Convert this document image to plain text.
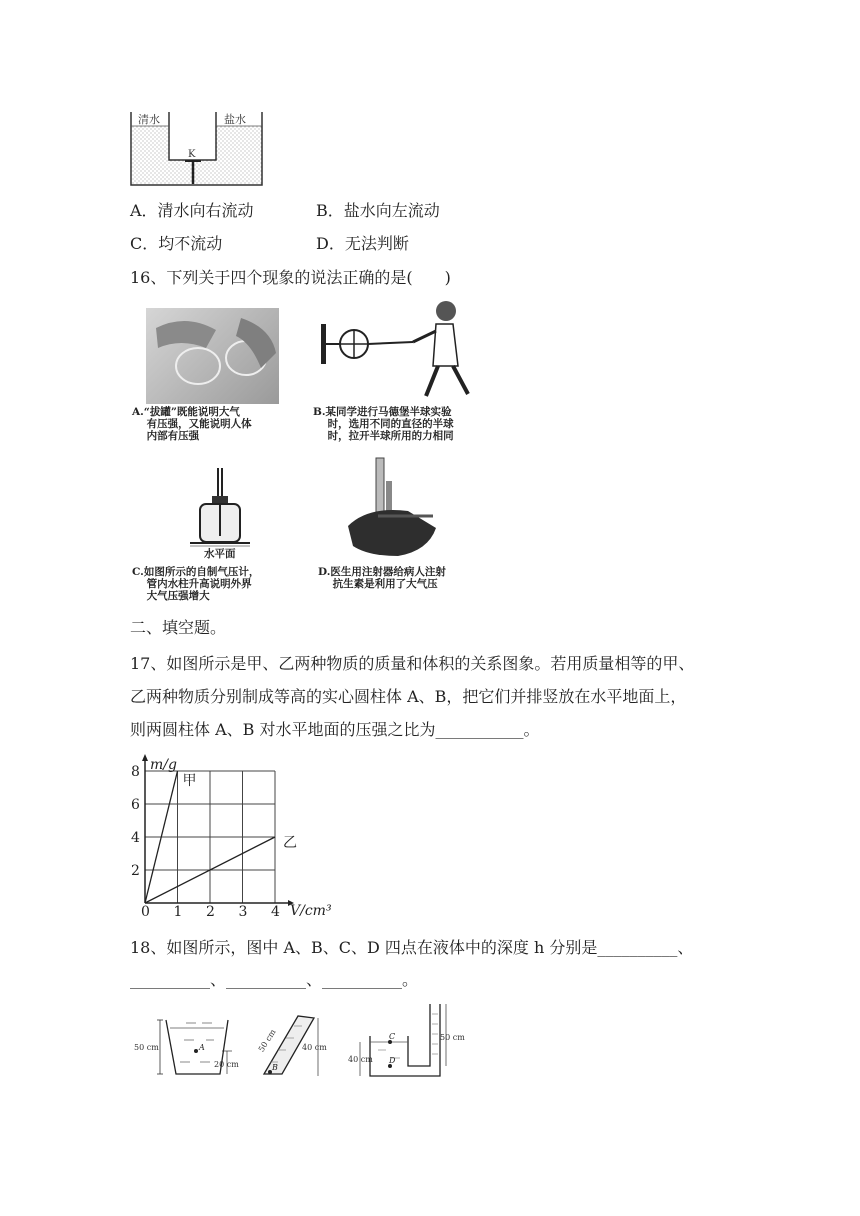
清水	盐水
K
A．清水向右流动	B．盐水向左流动
C．均不流动	D．无法判断
16、下列关于四个现象的说法正确的是(　　)
A.“拔罐”既能说明大气
有压强，又能说明人体
内部有压强
B.某同学进行马德堡半球实验
时，选用不同的直径的半球
时，拉开半球所用的力相同
水平面
C.如图所示的自制气压计，
管内水柱升高说明外界
大气压强增大
D.医生用注射器给病人注射
抗生素是利用了大气压
二、填空题。
17、如图所示是甲、乙两种物质的质量和体积的关系图象。若用质量相等的甲、
乙两种物质分别制成等高的实心圆柱体 A、B，把它们并排竖放在水平地面上，
则两圆柱体 A、B 对水平地面的压强之比为___________。
m/g
V/cm³
0 1 2 3 4
2
4
6
8
甲
乙
18、如图所示，图中 A、B、C、D 四点在液体中的深度 h 分别是__________、
__________、__________、__________。
50 cm	A
20 cm
40 cm
50 cm
B
40 cm
C
D
50 cm
